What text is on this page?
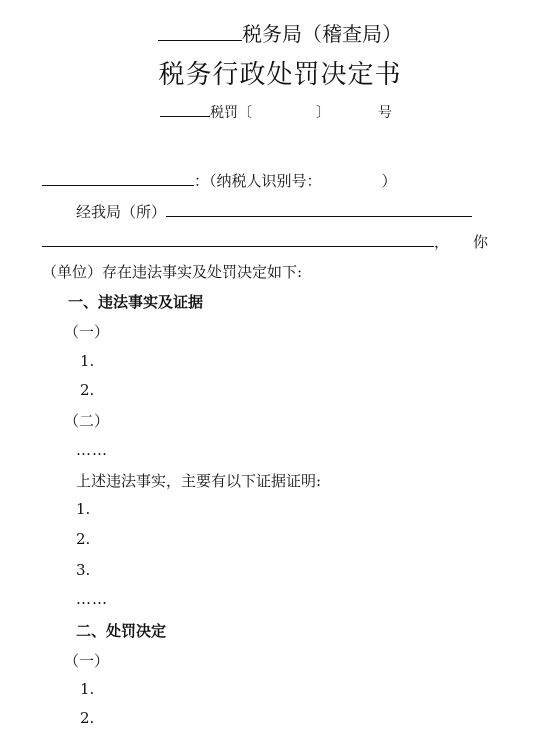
税务局（稽查局）
税务行政处罚决定书
税罚〔	〕	号
：（纳税人识别号：	）
经我局（所）
， 你
（单位）存在违法事实及处罚决定如下:
一、违法事实及证据
（一）
1.
2.
（二）
……
上述违法事实，主要有以下证据证明:
1.
2.
3.
……
二、处罚决定
（一）
1.
2.
